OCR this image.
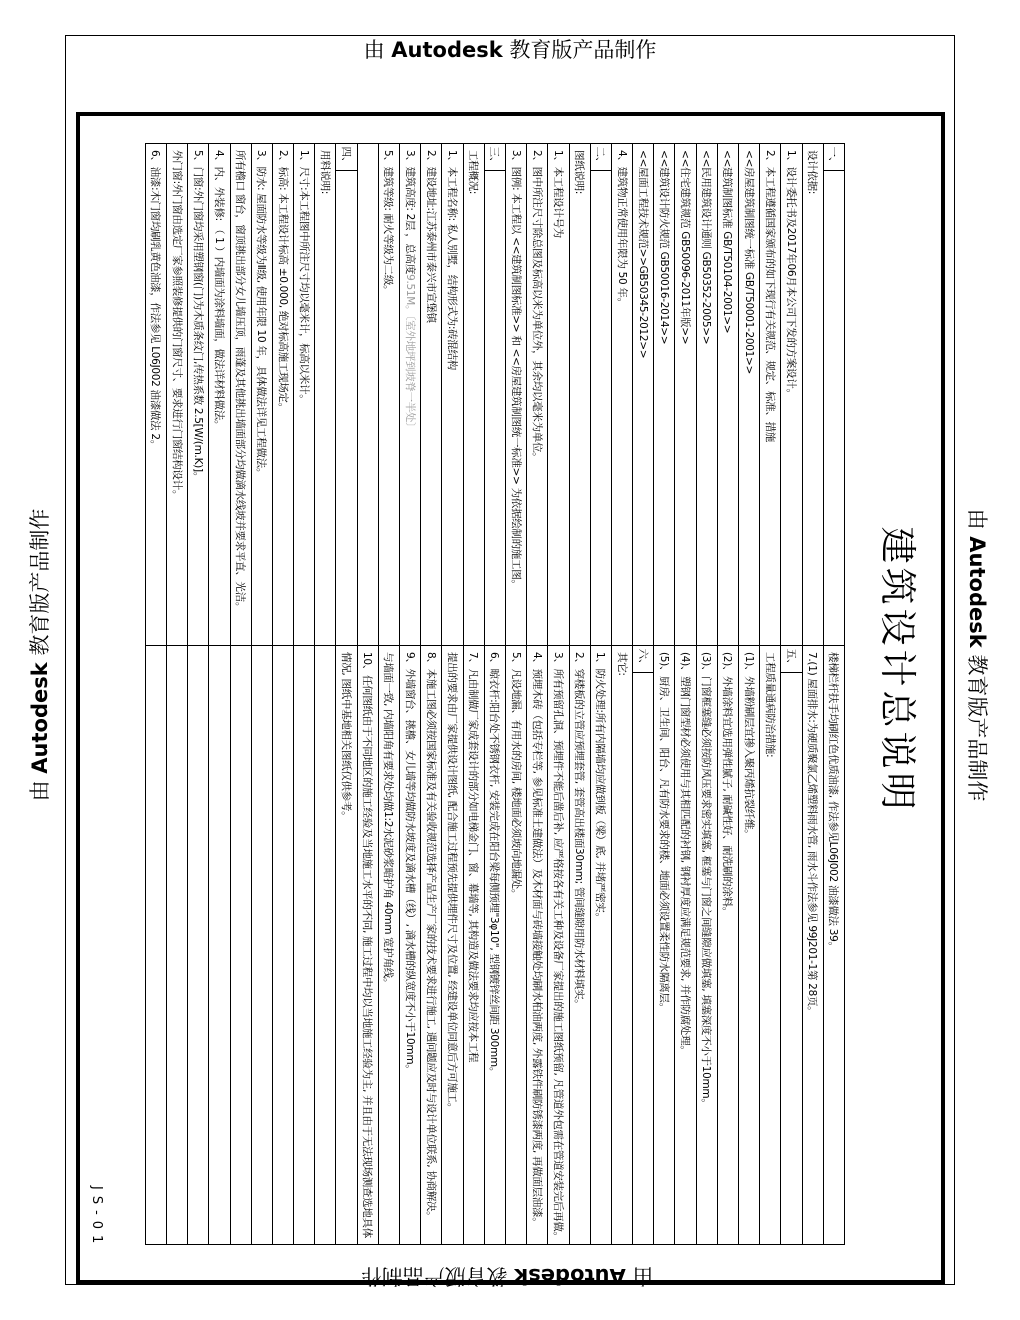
建筑设计总说明
一、
楼梯栏杆扶手均刷红色优质油漆, 作法参见L06J002 油漆做法 39。
设计依据:
7.(1) 屋面排水:为硬质聚氯乙烯塑料雨水管, 雨水斗作法参见 99J201-1第 28页。
1、设计委托书及2017年06月本公司下发的方案设计。
五、
2、本工程遵循国家颁布的如下现行有关规范、规定、标准、措施
工程质量通病防治措施:
<<房屋建筑制图统一标准 GB/T50001-2001>>
(1)、外墙粉刷层宜掺入聚丙烯抗裂纤维。
<<建筑制图标准 GB/T50104-2001>>
(2)、外墙涂料宜选用弹性腻子, 耐碱性好、耐洗刷的涂料。
<<民用建筑设计通则 GB50352-2005>>
(3)、门窗框塞缝必须按防风压要求密实填塞, 框塞与门窗之间缝隙应做填塞, 填塞深度不小于10mm。
<<住宅建筑规范 GB50096-2011年版>>
(4)、塑钢门窗型材必须使用与其相匹配的衬钢, 钢衬厚度应满足规范要求, 并作防腐处理。
<<建筑设计防火规范 GB50016-2014>>
(5)、厨房、卫生间、阳台、凡有防水要求的楼、地面必须设置柔性防水隔离层。
<<屋面工程技术规范>>GB50345-2012>>
六、
4、建筑物正常使用年限为 50 年。
其它:
二、
1、防火处理:所有内隔墙均应做到板（梁）底, 并堵严密实。
图纸说明:
2、穿楼板的立管应预埋套管, 套管高出楼面30mm; 管间缝隙用防水材料填实。
1、本工程设计号为
3、所有预留孔洞、预埋件不能后凿后补, 应严格按各有关工种及设备厂家提出的施工图纸预留, 凡管道外包需在管道安装完后再做。
2、图中所注尺寸除总图及标高以米为单位外，其余均以毫米为单位。
4、预埋木砖（包括专栏等, 参见标准土建做法）及木材面与砖墙接触处均刷水柏油两度, 外露铁件刷防锈漆两度, 再做面层油漆。
3、图例: 本工程以 <<建筑制图标准>> 和 <<房屋建筑制图统一标准>> 为依据绘制的施工图。
5、凡设地漏、有用水的房间, 楼地面必须坡向地漏处。
三、
6、晾衣杆:阳台处不锈钢衣杆, 安装完成在阳台梁每侧预埋"3φ10", 型钢镀锌丝间距 300mm。
工程概况:
7、凡由制做厂家成套设计的部分如电梯金门、窗、幕墙等, 其构造及做法要求均应按本工程
1、本工程名称: 私人别墅，结构形式为:砖混结构
提出的要求由厂家提供设计图纸, 配合施工过程预先提供埋件尺寸及位置, 经建设单位同意后方可施工。
2、建设地址:江苏泰州市泰兴市宣堡镇
8、本施工图必须按国家标准及有关验收规范选择产品生产厂家的技术要求进行施工, 遇问题应及时与设计单位联系, 协商解决。
3、建筑高度: 2层 ，总高度9.51M。〔室外地坪到坡脊一半处〕
9、外墙窗台、挑檐、女儿墙等均做防水坡度及滴水槽（线）, 滴水槽的纵宽度不小于10mm。
5、建筑等级: 耐火等级为二级。
与墙面一致, 内墙阳角有要求处均做1:2水泥砂浆暗护角 40mm 宽护角线。
10、任何图纸由于不同地区的施工经验及当地施工水平的不同, 施工过程中均以当地施工经验为主, 并且由于无法现场测查选地具体
四、
情况, 图纸中基地相关图纸仅供参考。
用料说明:
1、尺寸:本工程图中所注尺寸均以毫米计，标高以米计。
2、标高: 本工程设计标高 ±0.000, 绝对标高施工现场定。
3、防水: 屋面防水等级为Ⅱ级, 使用年限 10 年，具体做法详见工程做法。
所有檐口 窗台，窗顶挑出部分女儿墙压顶，雨蓬及其他挑出墙面部分均做滴水线坡并要求平直、光洁。
4、内、外装修: （ 1 ）内墙面为涂料墙面，做法详材料做法。
5、门窗:外门窗均采用塑钢窗(门)为木质条纹门,传热系数 2.5[W/(m.K)]。
外门窗:外门窗由选定厂家参照装修提供的门窗尺寸、要求进行门窗结构设计。
6、油漆:木门窗均刷乳黄色油漆，作法参见 L06J002 油漆做法 2。
JS-01
由 Autodesk 教育版产品制作
由 Autodesk 教育版产品制作	由 Autodesk 教育版产品制作
由 Autodesk 教育版产品制作
